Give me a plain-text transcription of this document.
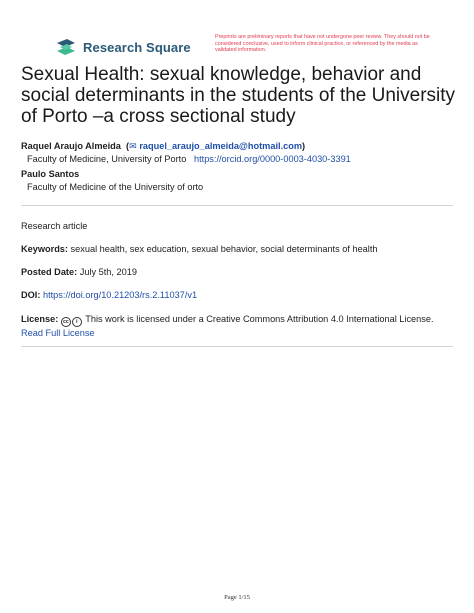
Research Square
Preprints are preliminary reports that have not undergone peer review. They should not be considered conclusive, used to inform clinical practice, or referenced by the media as validated information.
Sexual Health: sexual knowledge, behavior and social determinants in the students of the University of Porto –a cross sectional study
Raquel Araujo Almeida  (✉ raquel_araujo_almeida@hotmail.com)
Faculty of Medicine, University of Porto https://orcid.org/0000-0003-4030-3391
Paulo Santos
Faculty of Medicine of the University of orto
Research article
Keywords: sexual health, sex education, sexual behavior, social determinants of health
Posted Date: July 5th, 2019
DOI: https://doi.org/10.21203/rs.2.11037/v1
License: cc i This work is licensed under a Creative Commons Attribution 4.0 International License.
Read Full License
Page 1/15
